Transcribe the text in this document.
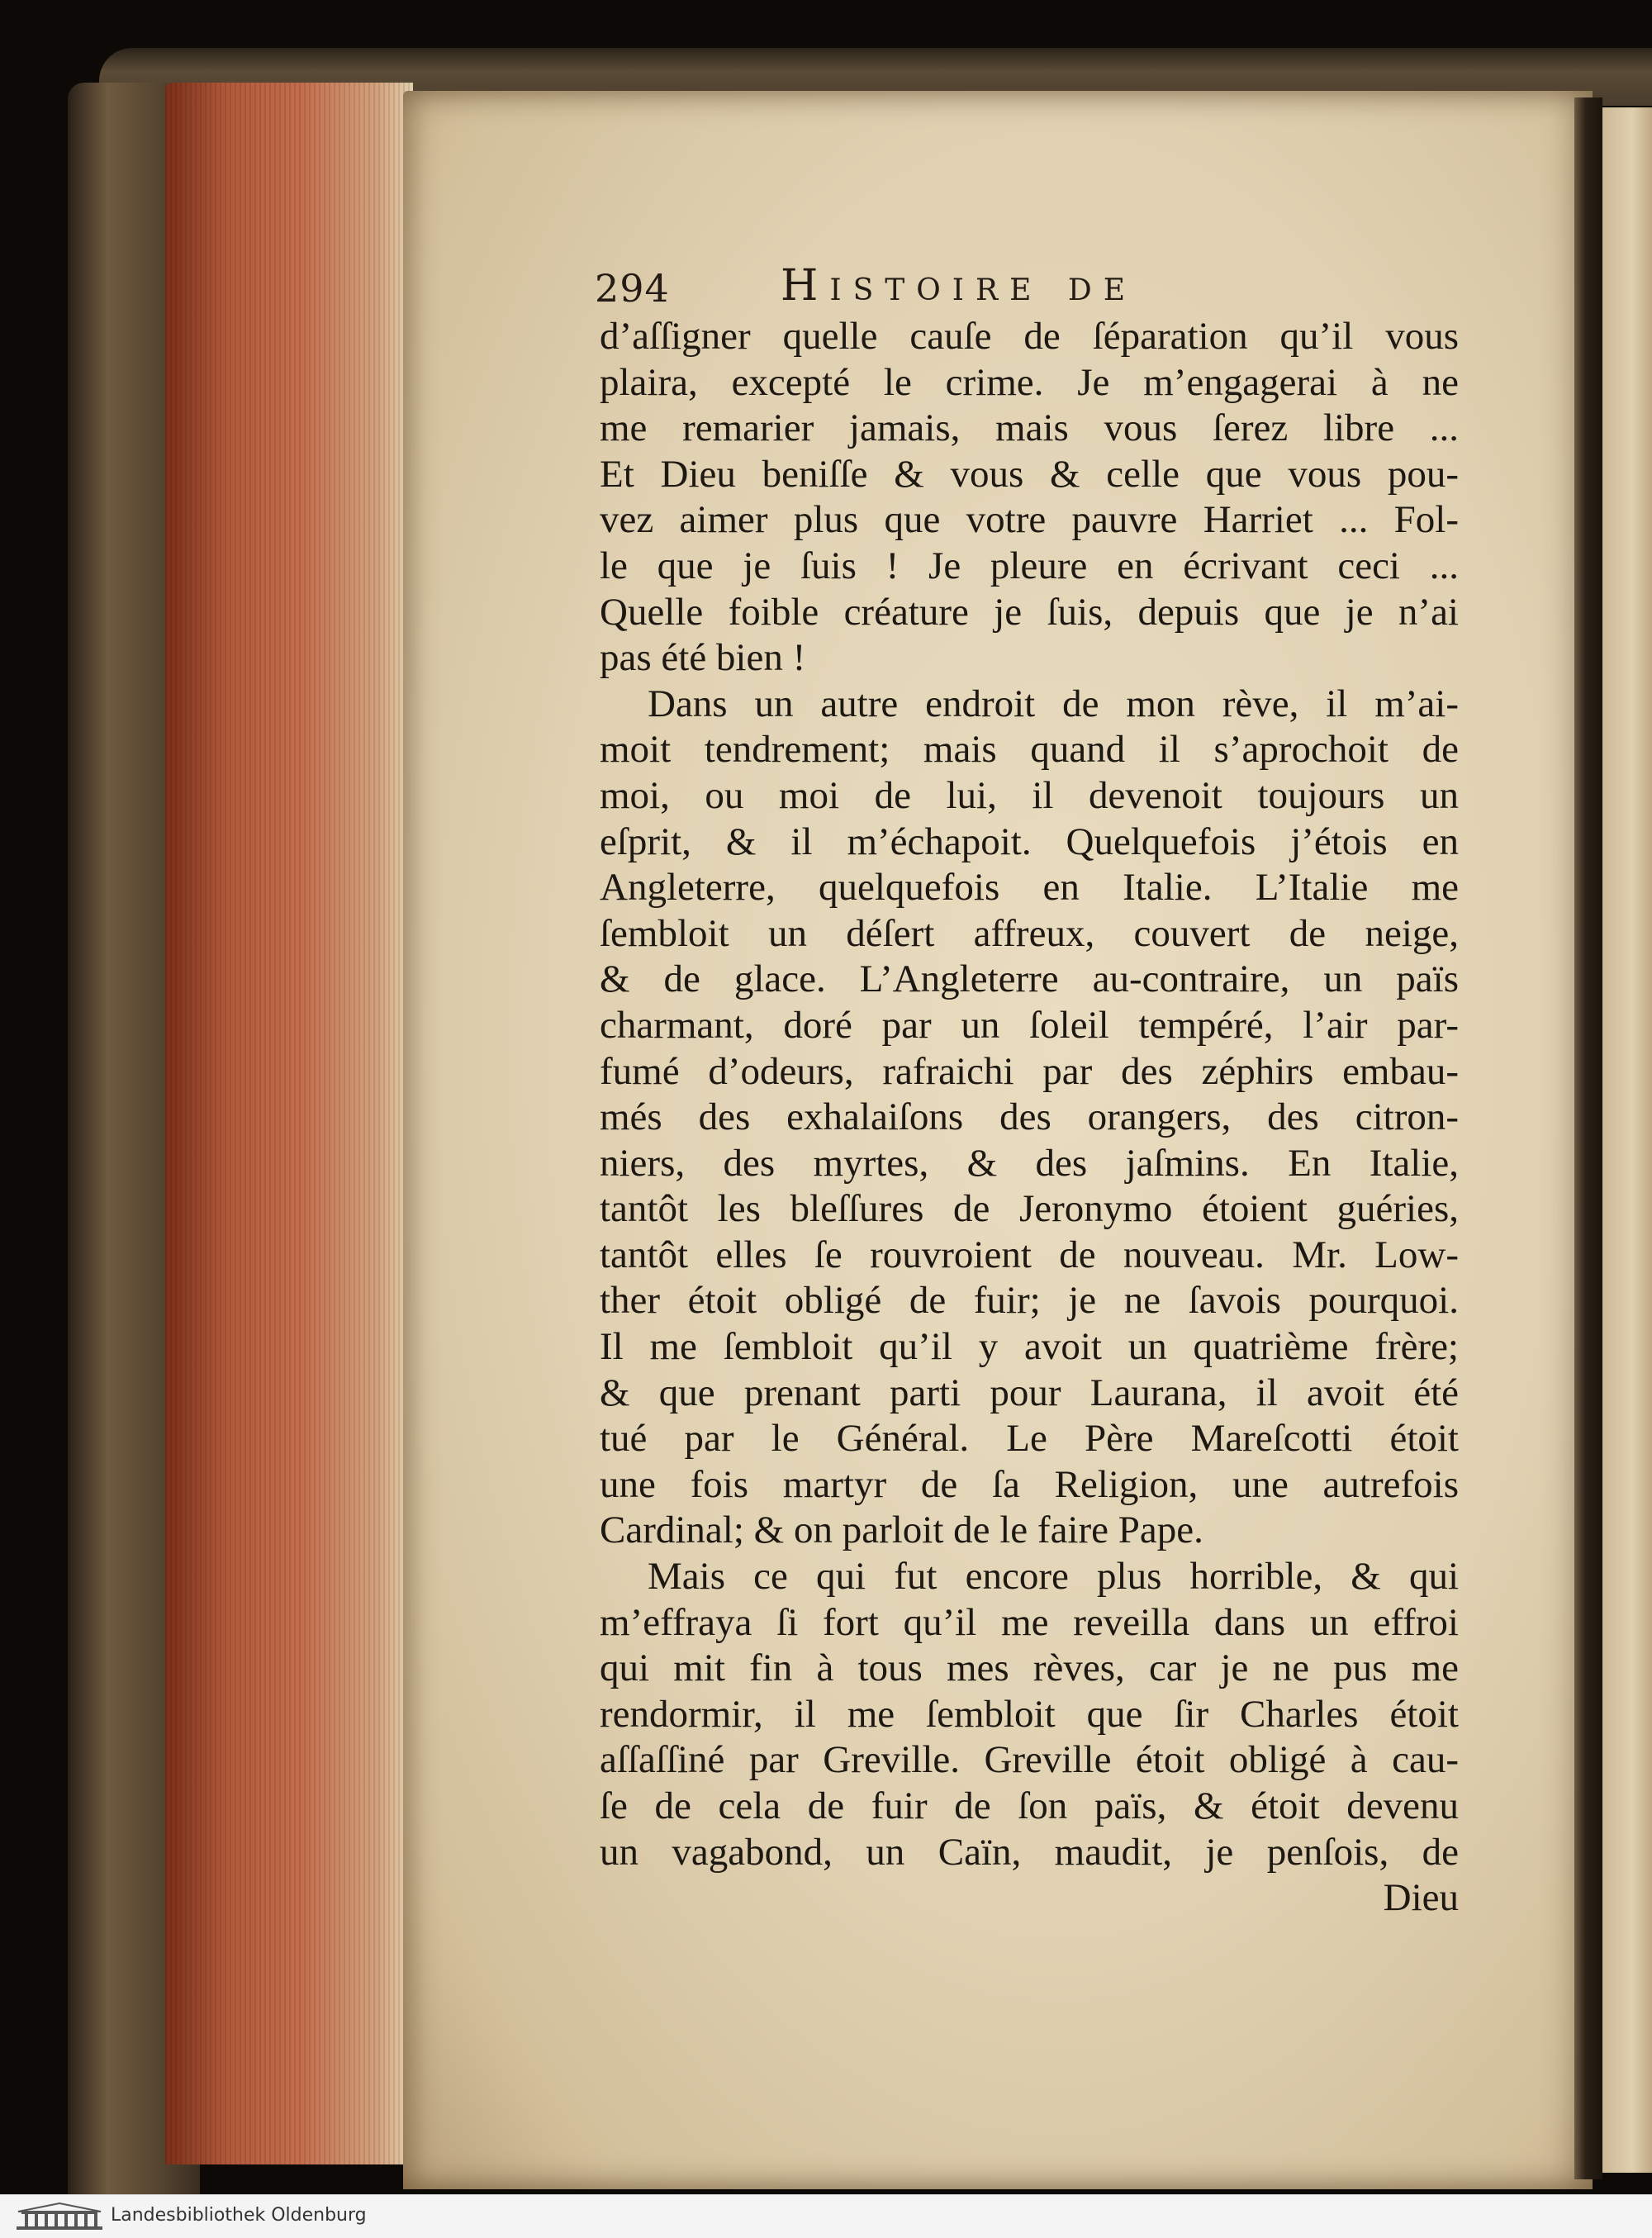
294	Histoire de
d’aſſigner quelle cauſe de ſéparation qu’il vous
plaira, excepté le crime. Je m’engagerai à ne
me remarier jamais, mais vous ſerez libre ...
Et Dieu beniſſe & vous & celle que vous pou-
vez aimer plus que votre pauvre Harriet ... Fol-
le que je ſuis ! Je pleure en écrivant ceci ...
Quelle foible créature je ſuis, depuis que je n’ai
pas été bien !
Dans un autre endroit de mon rève, il m’ai-
moit tendrement; mais quand il s’aprochoit de
moi, ou moi de lui, il devenoit toujours un
eſprit, & il m’échapoit. Quelquefois j’étois en
Angleterre, quelquefois en Italie. L’Italie me
ſembloit un déſert affreux, couvert de neige,
& de glace. L’Angleterre au-contraire, un païs
charmant, doré par un ſoleil tempéré, l’air par-
fumé d’odeurs, rafraichi par des zéphirs embau-
més des exhalaiſons des orangers, des citron-
niers, des myrtes, & des jaſmins. En Italie,
tantôt les bleſſures de Jeronymo étoient guéries,
tantôt elles ſe rouvroient de nouveau. Mr. Low-
ther étoit obligé de fuir; je ne ſavois pourquoi.
Il me ſembloit qu’il y avoit un quatrième frère;
& que prenant parti pour Laurana, il avoit été
tué par le Général. Le Père Mareſcotti étoit
une fois martyr de ſa Religion, une autrefois
Cardinal; & on parloit de le faire Pape.
Mais ce qui fut encore plus horrible, & qui
m’effraya ſi fort qu’il me reveilla dans un effroi
qui mit fin à tous mes rèves, car je ne pus me
rendormir, il me ſembloit que ſir Charles étoit
aſſaſſiné par Greville. Greville étoit obligé à cau-
ſe de cela de fuir de ſon païs, & étoit devenu
un vagabond, un Caïn, maudit, je penſois, de
Dieu
Landesbibliothek Oldenburg
